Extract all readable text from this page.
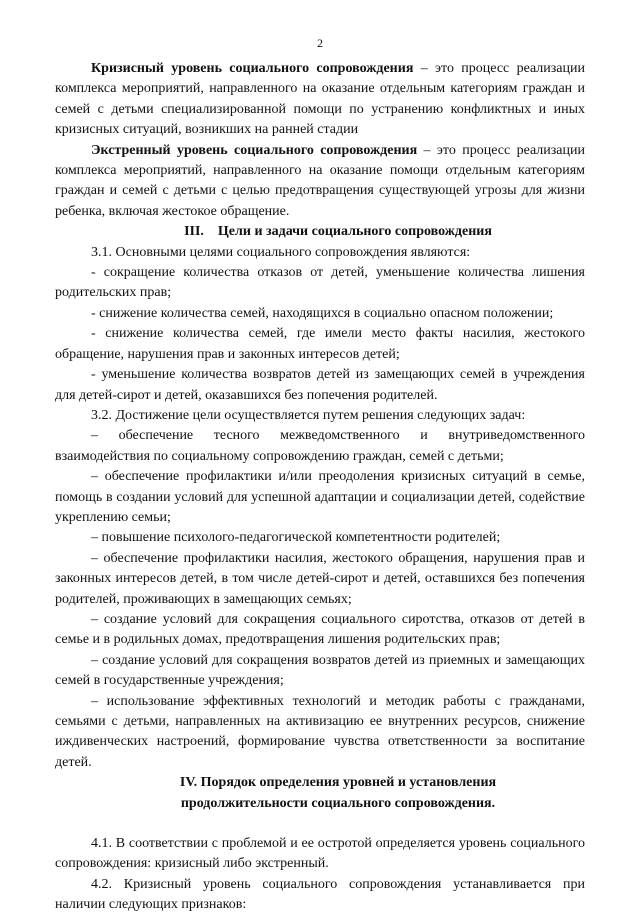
2

Кризисный уровень социального сопровождения – это процесс реализации комплекса мероприятий, направленного на оказание отдельным категориям граждан и семей с детьми специализированной помощи по устранению конфликтных и иных кризисных ситуаций, возникших на ранней стадии

Экстренный уровень социального сопровождения – это процесс реализации комплекса мероприятий, направленного на оказание помощи отдельным категориям граждан и семей с детьми с целью предотвращения существующей угрозы для жизни ребенка, включая жестокое обращение.

III. Цели и задачи социального сопровождения

3.1. Основными целями социального сопровождения являются:

- сокращение количества отказов от детей, уменьшение количества лишения родительских прав;

- снижение количества семей, находящихся в социально опасном положении;

- снижение количества семей, где имели место факты насилия, жестокого обращение, нарушения прав и законных интересов детей;

- уменьшение количества возвратов детей из замещающих семей в учреждения для детей-сирот и детей, оказавшихся без попечения родителей.

3.2. Достижение цели осуществляется путем решения следующих задач:

– обеспечение тесного межведомственного и внутриведомственного взаимодействия по социальному сопровождению граждан, семей с детьми;

– обеспечение профилактики и/или преодоления кризисных ситуаций в семье, помощь в создании условий для успешной адаптации и социализации детей, содействие укреплению семьи;

– повышение психолого-педагогической компетентности родителей;

– обеспечение профилактики насилия, жестокого обращения, нарушения прав и законных интересов детей, в том числе детей-сирот и детей, оставшихся без попечения родителей, проживающих в замещающих семьях;

– создание условий для сокращения социального сиротства, отказов от детей в семье и в родильных домах, предотвращения лишения родительских прав;

– создание условий для сокращения возвратов детей из приемных и замещающих семей в государственные учреждения;

– использование эффективных технологий и методик работы с гражданами, семьями с детьми, направленных на активизацию ее внутренних ресурсов, снижение иждивенческих настроений, формирование чувства ответственности за воспитание детей.

IV. Порядок определения уровней и установления

продолжительности социального сопровождения.

4.1. В соответствии с проблемой и ее остротой определяется уровень социального сопровождения: кризисный либо экстренный.

4.2. Кризисный уровень социального сопровождения устанавливается при наличии следующих признаков:
